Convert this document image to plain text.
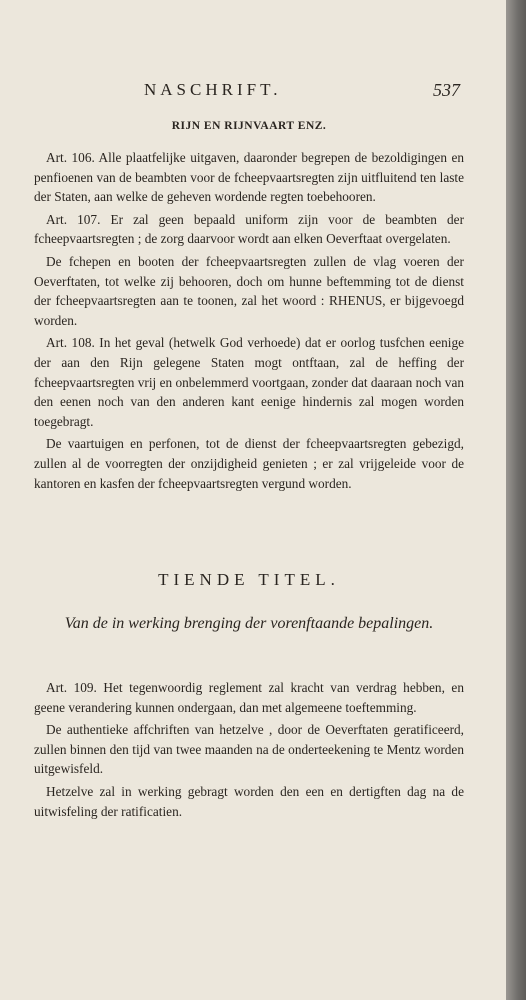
NASCHRIFT.	537
RIJN EN RIJNVAART ENZ.

Art. 106. Alle plaatfelijke uitgaven, daaronder begrepen de bezoldigingen en penfioenen van de beambten voor de fcheepvaartsregten zijn uitfluitend ten laste der Staten, aan welke de geheven wordende regten toebehooren.

Art. 107. Er zal geen bepaald uniform zijn voor de beambten der fcheepvaartsregten ; de zorg daarvoor wordt aan elken Oeverftaat overgelaten.

De fchepen en booten der fcheepvaartsregten zullen de vlag voeren der Oeverftaten, tot welke zij behooren, doch om hunne beftemming tot de dienst der fcheepvaartsregten aan te toonen, zal het woord : RHENUS, er bijgevoegd worden.

Art. 108. In het geval (hetwelk God verhoede) dat er oorlog tusfchen eenige der aan den Rijn gelegene Staten mogt ontftaan, zal de heffing der fcheepvaartsregten vrij en onbelemmerd voortgaan, zonder dat daaraan noch van den eenen noch van den anderen kant eenige hindernis zal mogen worden toegebragt.

De vaartuigen en perfonen, tot de dienst der fcheepvaartsregten gebezigd, zullen al de voorregten der onzijdigheid genieten ; er zal vrijgeleide voor de kantoren en kasfen der fcheepvaartsregten vergund worden.

TIENDE TITEL.
Van de in werking brenging der vorenftaande bepalingen.

Art. 109. Het tegenwoordig reglement zal kracht van verdrag hebben, en geene verandering kunnen ondergaan, dan met algemeene toeftemming.

De authentieke affchriften van hetzelve , door de Oeverftaten geratificeerd, zullen binnen den tijd van twee maanden na de onderteekening te Mentz worden uitgewisfeld.

Hetzelve zal in werking gebragt worden den een en dertigften dag na de uitwisfeling der ratificatien.
